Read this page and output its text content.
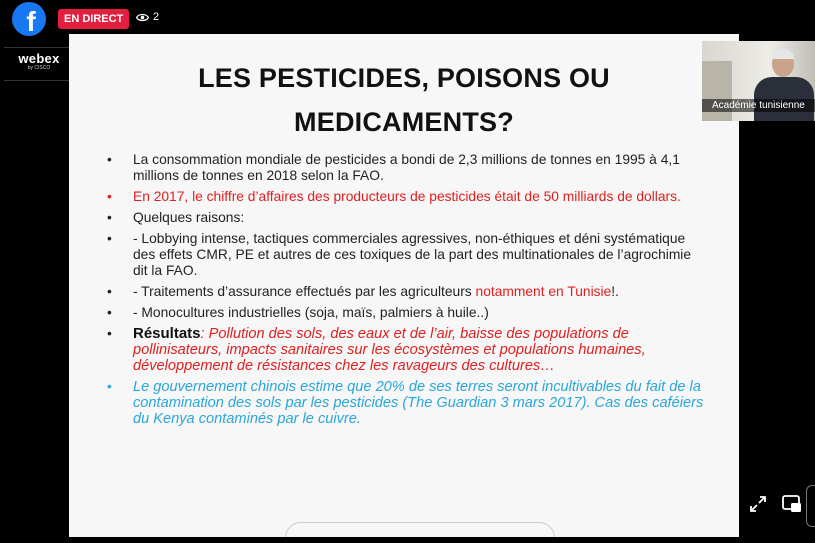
f	EN DIRECT	2
webex
by CISCO	LES PESTICIDES, POISONS OU
MEDICAMENTS?
• La consommation mondiale de pesticides a bondi de 2,3 millions de tonnes en 1995 à 4,1 millions de tonnes en 2018 selon la FAO.
• En 2017, le chiffre d’affaires des producteurs de pesticides était de 50 milliards de dollars.
• Quelques raisons:
• - Lobbying intense, tactiques commerciales agressives, non-éthiques et déni systématique des effets CMR, PE et autres de ces toxiques de la part des multinationales de l’agrochimie dit la FAO.
• - Traitements d’assurance effectués par les agriculteurs notamment en Tunisie!.
• - Monocultures industrielles (soja, maïs, palmiers à huile..)
• Résultats: Pollution des sols, des eaux et de l’air, baisse des populations de pollinisateurs, impacts sanitaires sur les écosystèmes et populations humaines, développement de résistances chez les ravageurs des cultures…
• Le gouvernement chinois estime que 20% de ses terres seront incultivables du fait de la contamination des sols par les pesticides (The Guardian 3 mars 2017). Cas des caféiers du Kenya contaminés par le cuivre.
Académie tunisienne
